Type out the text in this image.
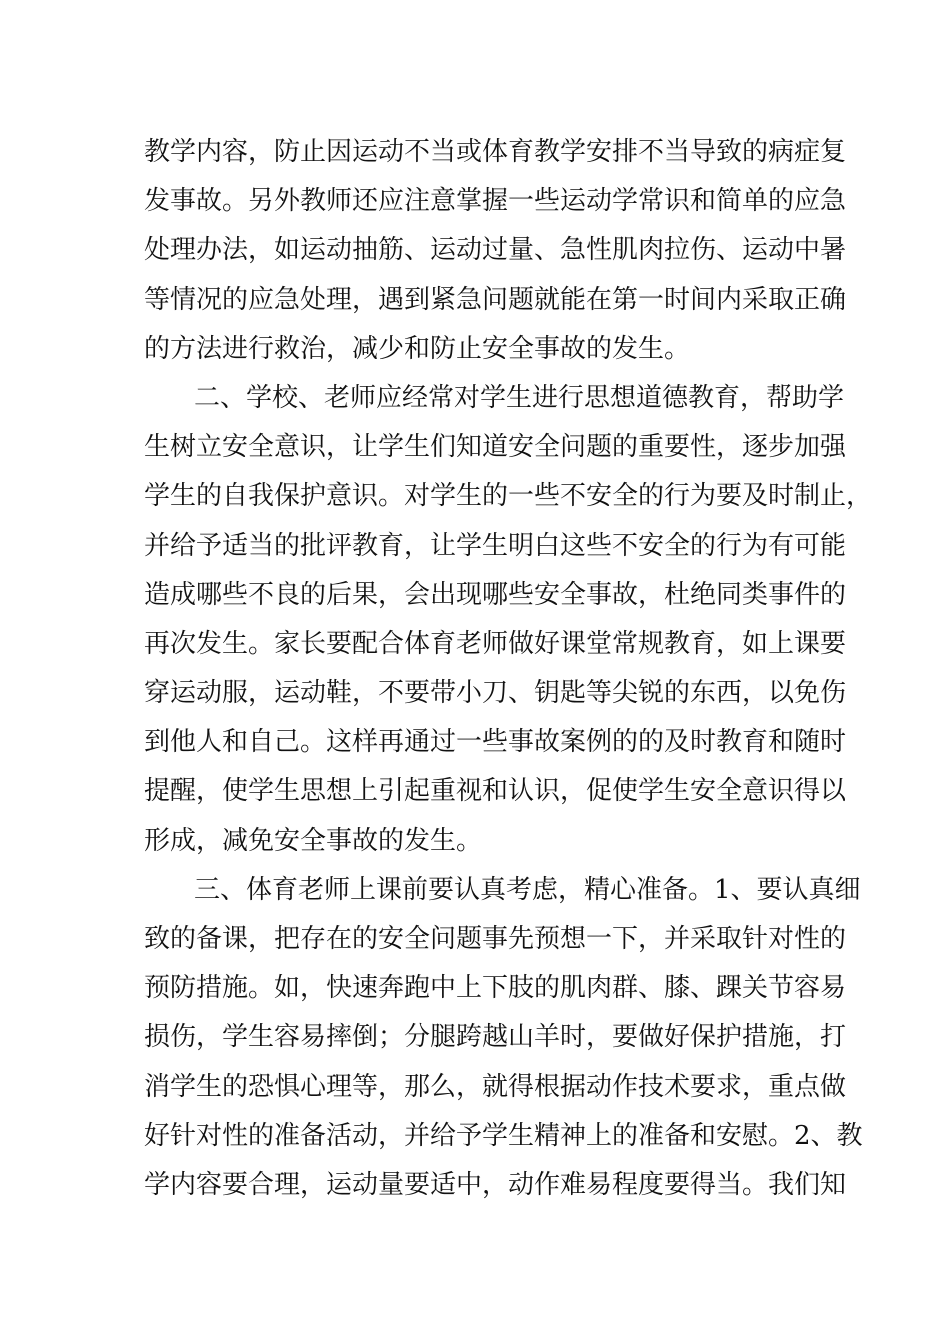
教学内容，防止因运动不当或体育教学安排不当导致的病症复
发事故。另外教师还应注意掌握一些运动学常识和简单的应急
处理办法，如运动抽筋、运动过量、急性肌肉拉伤、运动中暑
等情况的应急处理，遇到紧急问题就能在第一时间内采取正确
的方法进行救治，减少和防止安全事故的发生。
二、学校、老师应经常对学生进行思想道德教育，帮助学
生树立安全意识，让学生们知道安全问题的重要性，逐步加强
学生的自我保护意识。对学生的一些不安全的行为要及时制止，
并给予适当的批评教育，让学生明白这些不安全的行为有可能
造成哪些不良的后果，会出现哪些安全事故，杜绝同类事件的
再次发生。家长要配合体育老师做好课堂常规教育，如上课要
穿运动服，运动鞋，不要带小刀、钥匙等尖锐的东西，以免伤
到他人和自己。这样再通过一些事故案例的的及时教育和随时
提醒，使学生思想上引起重视和认识，促使学生安全意识得以
形成，减免安全事故的发生。
三、体育老师上课前要认真考虑，精心准备。1、要认真细
致的备课，把存在的安全问题事先预想一下，并采取针对性的
预防措施。如，快速奔跑中上下肢的肌肉群、膝、踝关节容易
损伤，学生容易摔倒；分腿跨越山羊时，要做好保护措施，打
消学生的恐惧心理等，那么，就得根据动作技术要求，重点做
好针对性的准备活动，并给予学生精神上的准备和安慰。2、教
学内容要合理，运动量要适中，动作难易程度要得当。我们知
